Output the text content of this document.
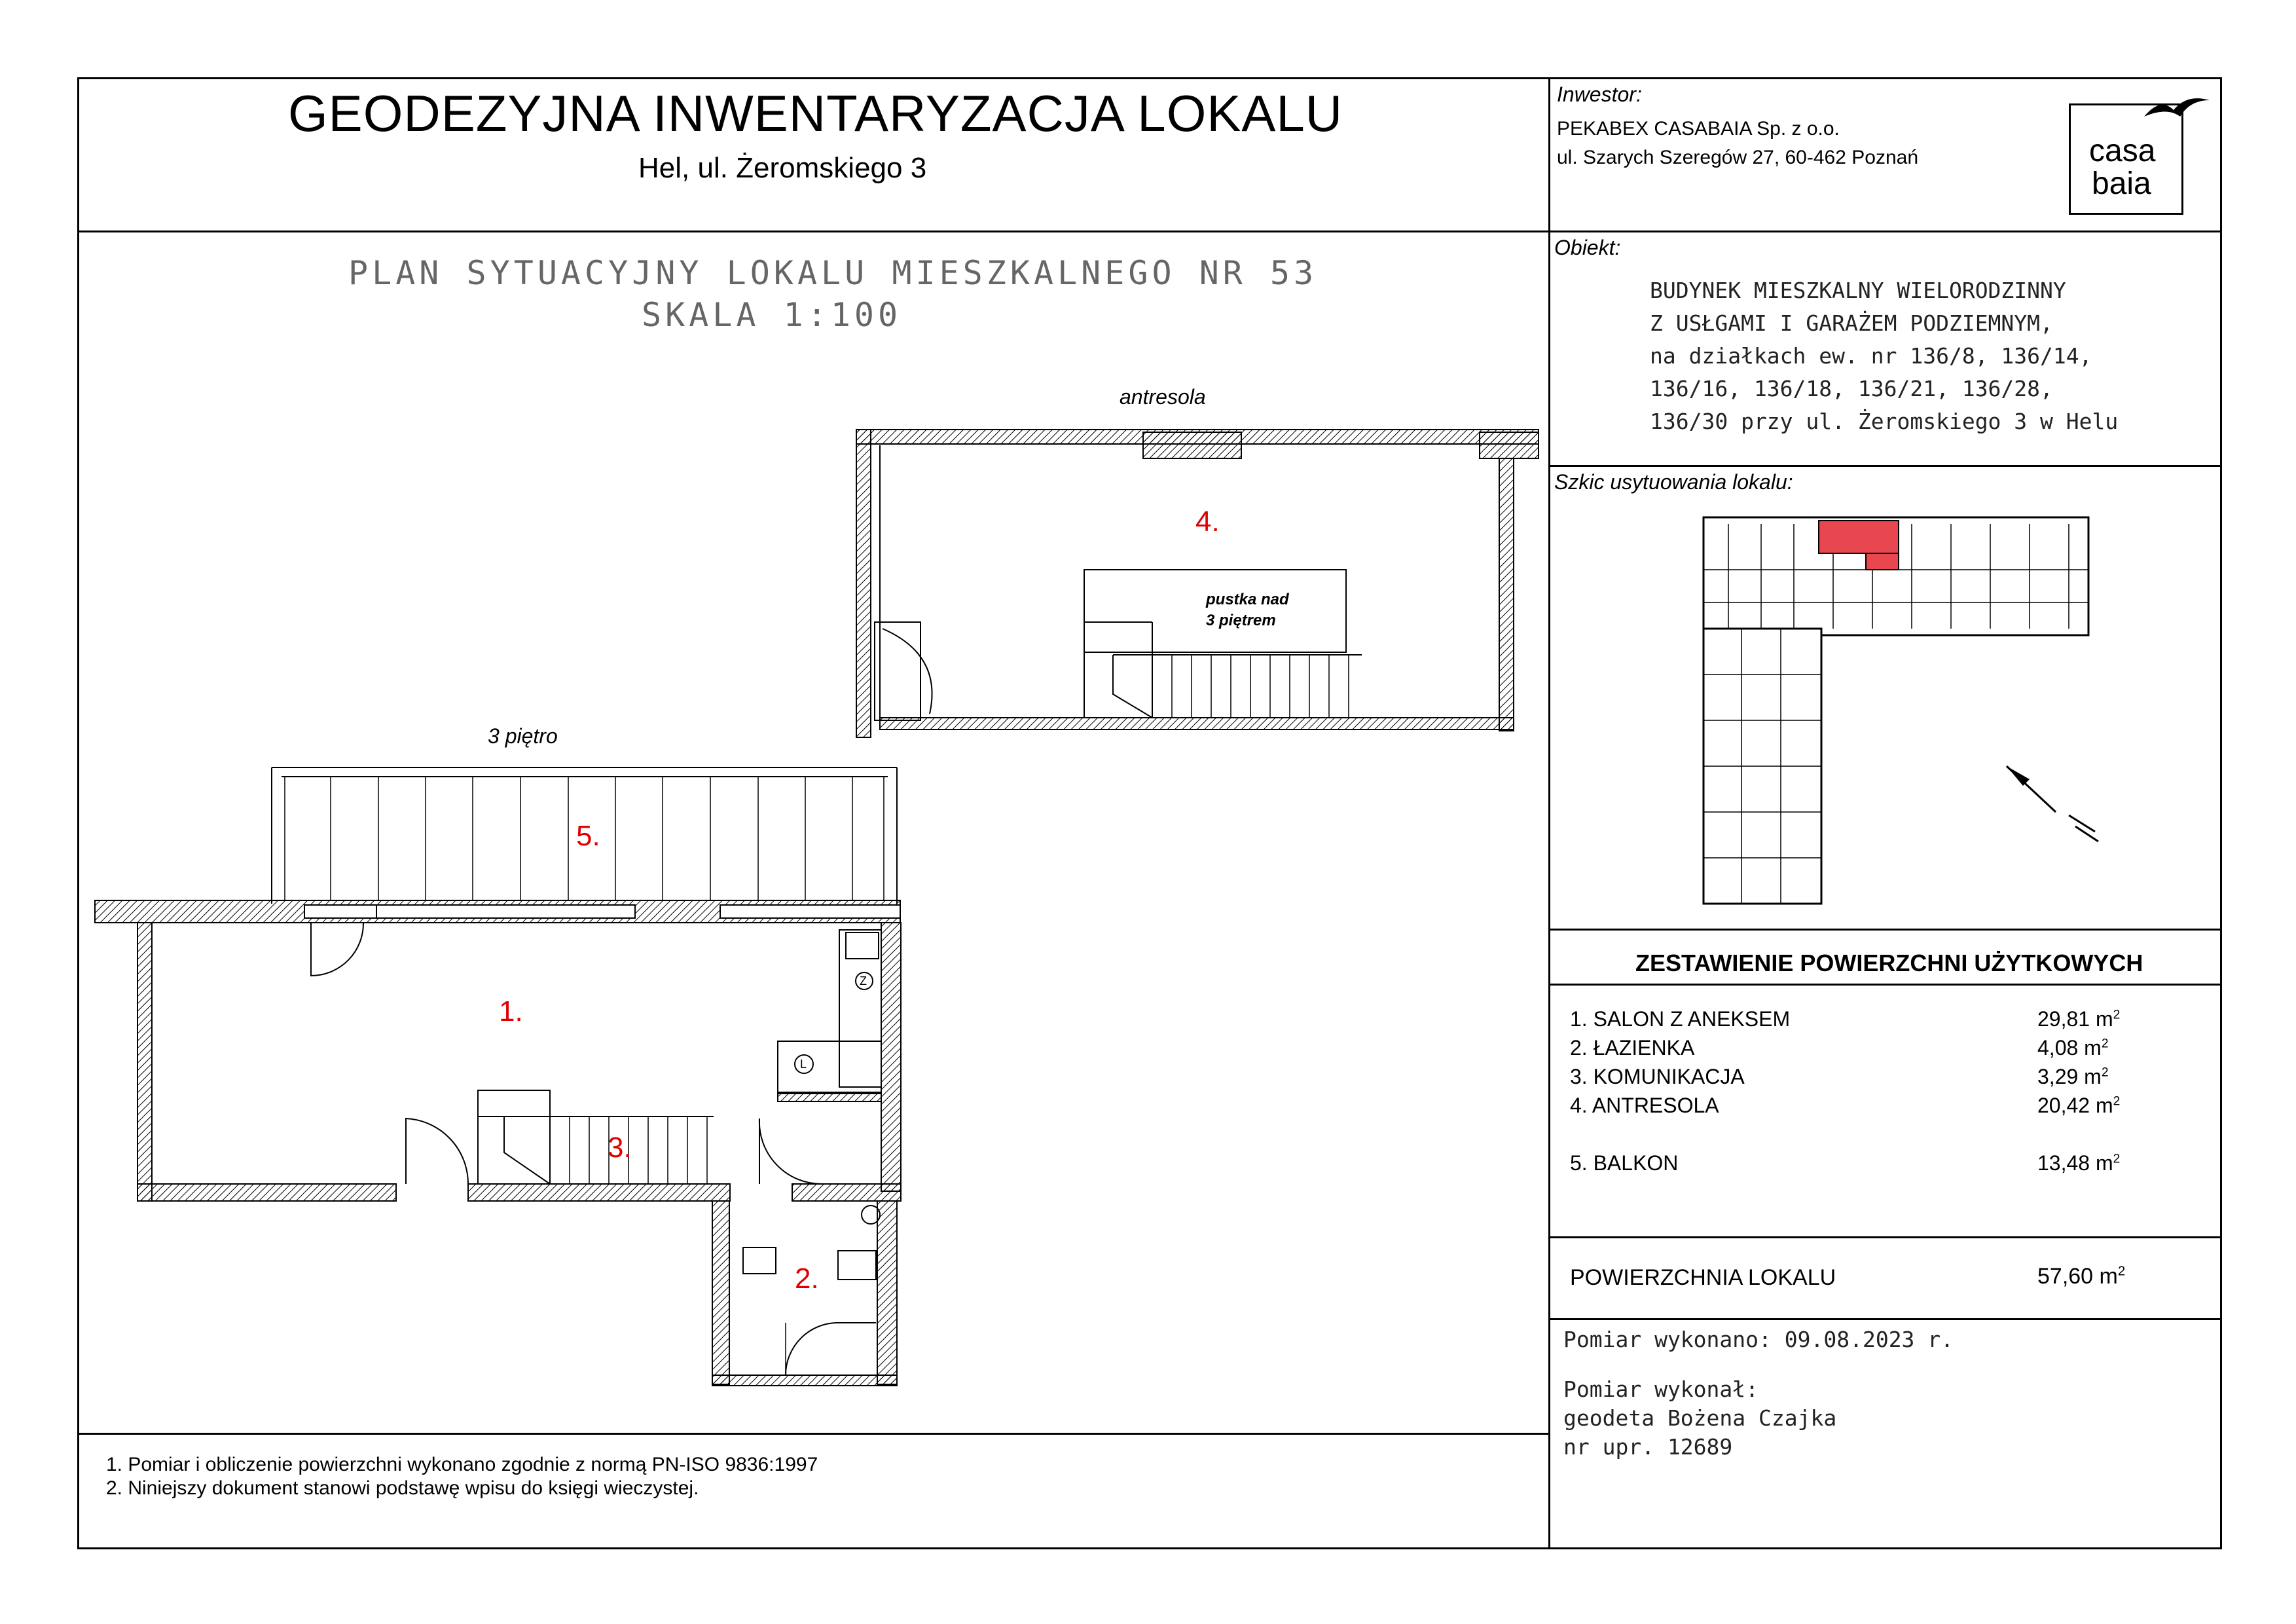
GEODEZYJNA INWENTARYZACJA LOKALU
Hel, ul. Żeromskiego 3
Inwestor:
PEKABEX CASABAIA Sp. z o.o.
ul. Szarych Szeregów 27, 60-462 Poznań	casa
baia
PLAN SYTUACYJNY LOKALU MIESZKALNEGO NR 53
SKALA 1:100
antresola
3 piętro
pustka nad
3 piętrem
4.
5.
1.
3.
2.
Z
L
Obiekt:
BUDYNEK MIESZKALNY WIELORODZINNY
Z USŁGAMI I GARAŻEM PODZIEMNYM,
na działkach ew. nr 136/8, 136/14,
136/16, 136/18, 136/21, 136/28,
136/30 przy ul. Żeromskiego 3 w Helu
Szkic usytuowania lokalu:
ZESTAWIENIE POWIERZCHNI UŻYTKOWYCH
1. SALON Z ANEKSEM	29,81 $m^2$
2. ŁAZIENKA	4,08 $m^2$
3. KOMUNIKACJA	3,29 $m^2$
4. ANTRESOLA	20,42 $m^2$
5. BALKON	13,48 $m^2$
POWIERZCHNIA LOKALU	57,60 $m^2$
Pomiar wykonano: 09.08.2023 r.
Pomiar wykonał:
geodeta Bożena Czajka
nr upr. 12689
1. Pomiar i obliczenie powierzchni wykonano zgodnie z normą PN-ISO 9836:1997
2. Niniejszy dokument stanowi podstawę wpisu do księgi wieczystej.
